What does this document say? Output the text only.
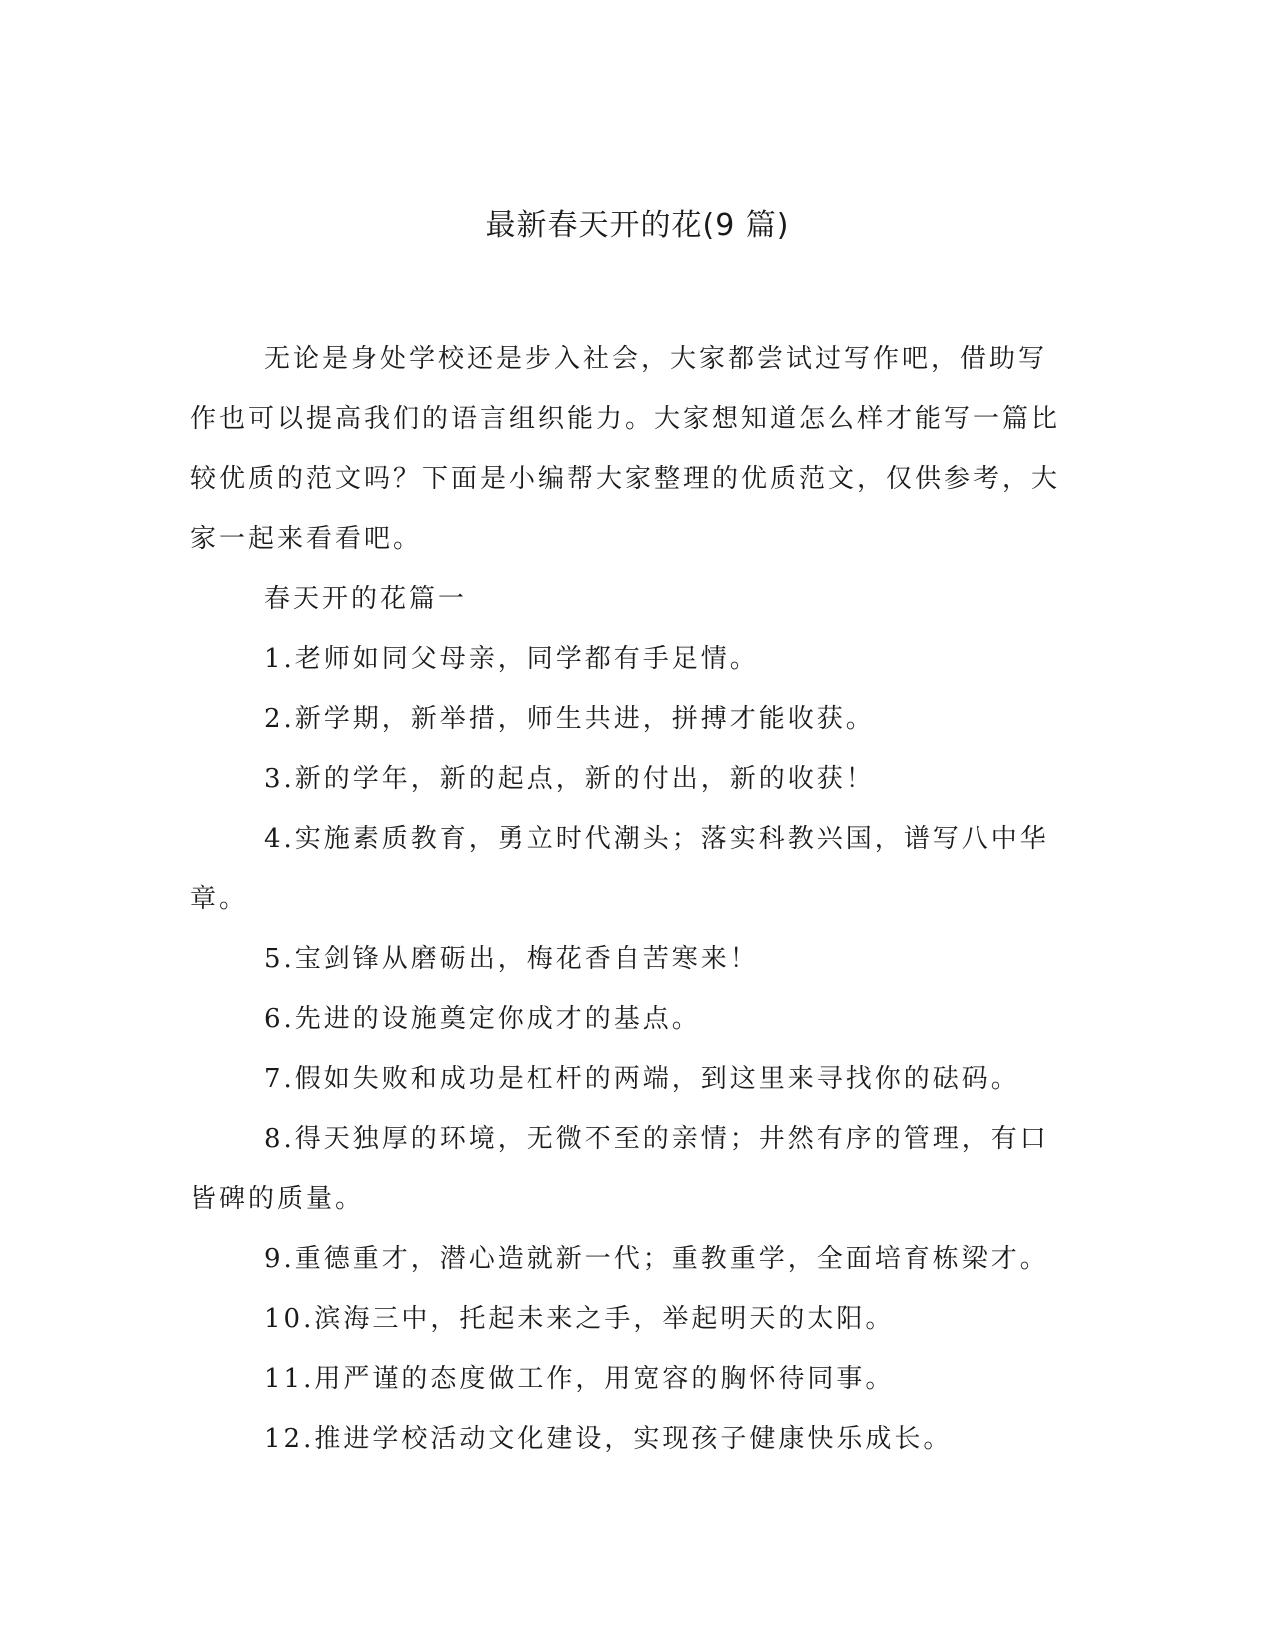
最新春天开的花(9 篇)

无论是身处学校还是步入社会，大家都尝试过写作吧，借助写作也可以提高我们的语言组织能力。大家想知道怎么样才能写一篇比较优质的范文吗？下面是小编帮大家整理的优质范文，仅供参考，大家一起来看看吧。

春天开的花篇一

1.老师如同父母亲，同学都有手足情。

2.新学期，新举措，师生共进，拼搏才能收获。

3.新的学年，新的起点，新的付出，新的收获！

4.实施素质教育，勇立时代潮头；落实科教兴国，谱写八中华章。

5.宝剑锋从磨砺出，梅花香自苦寒来！

6.先进的设施奠定你成才的基点。

7.假如失败和成功是杠杆的两端，到这里来寻找你的砝码。

8.得天独厚的环境，无微不至的亲情；井然有序的管理，有口皆碑的质量。

9.重德重才，潜心造就新一代；重教重学，全面培育栋梁才。

10.滨海三中，托起未来之手，举起明天的太阳。

11.用严谨的态度做工作，用宽容的胸怀待同事。

12.推进学校活动文化建设，实现孩子健康快乐成长。
